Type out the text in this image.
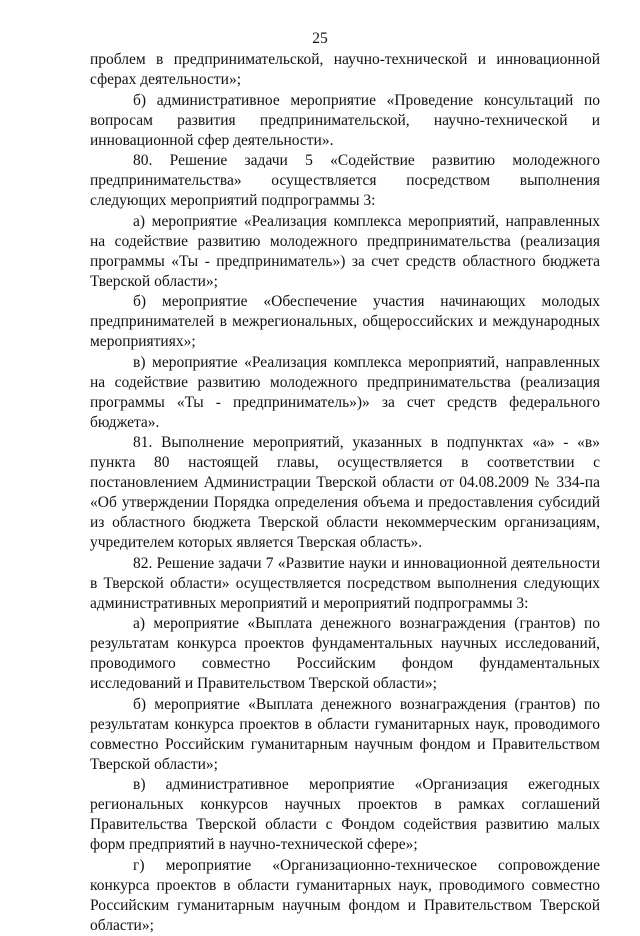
25

проблем в предпринимательской, научно-технической и инновационной сферах деятельности»;

б) административное мероприятие «Проведение консультаций по вопросам развития предпринимательской, научно-технической и инновационной сфер деятельности».

80. Решение задачи 5 «Содействие развитию молодежного предпринимательства» осуществляется посредством выполнения следующих мероприятий подпрограммы 3:

а) мероприятие «Реализация комплекса мероприятий, направленных на содействие развитию молодежного предпринимательства (реализация программы «Ты - предприниматель») за счет средств областного бюджета Тверской области»;

б) мероприятие «Обеспечение участия начинающих молодых предпринимателей в межрегиональных, общероссийских и международных мероприятиях»;

в) мероприятие «Реализация комплекса мероприятий, направленных на содействие развитию молодежного предпринимательства (реализация программы «Ты - предприниматель»)» за счет средств федерального бюджета».

81. Выполнение мероприятий, указанных в подпунктах «а» - «в» пункта 80 настоящей главы, осуществляется в соответствии с постановлением Администрации Тверской области от 04.08.2009 № 334-па «Об утверждении Порядка определения объема и предоставления субсидий из областного бюджета Тверской области некоммерческим организациям, учредителем которых является Тверская область».

82. Решение задачи 7 «Развитие науки и инновационной деятельности в Тверской области» осуществляется посредством выполнения следующих административных мероприятий и мероприятий подпрограммы 3:

а) мероприятие «Выплата денежного вознаграждения (грантов) по результатам конкурса проектов фундаментальных научных исследований, проводимого совместно Российским фондом фундаментальных исследований и Правительством Тверской области»;

б) мероприятие «Выплата денежного вознаграждения (грантов) по результатам конкурса проектов в области гуманитарных наук, проводимого совместно Российским гуманитарным научным фондом и Правительством Тверской области»;

в) административное мероприятие «Организация ежегодных региональных конкурсов научных проектов в рамках соглашений Правительства Тверской области с Фондом содействия развитию малых форм предприятий в научно-технической сфере»;

г) мероприятие «Организационно-техническое сопровождение конкурса проектов в области гуманитарных наук, проводимого совместно Российским гуманитарным научным фондом и Правительством Тверской области»;
